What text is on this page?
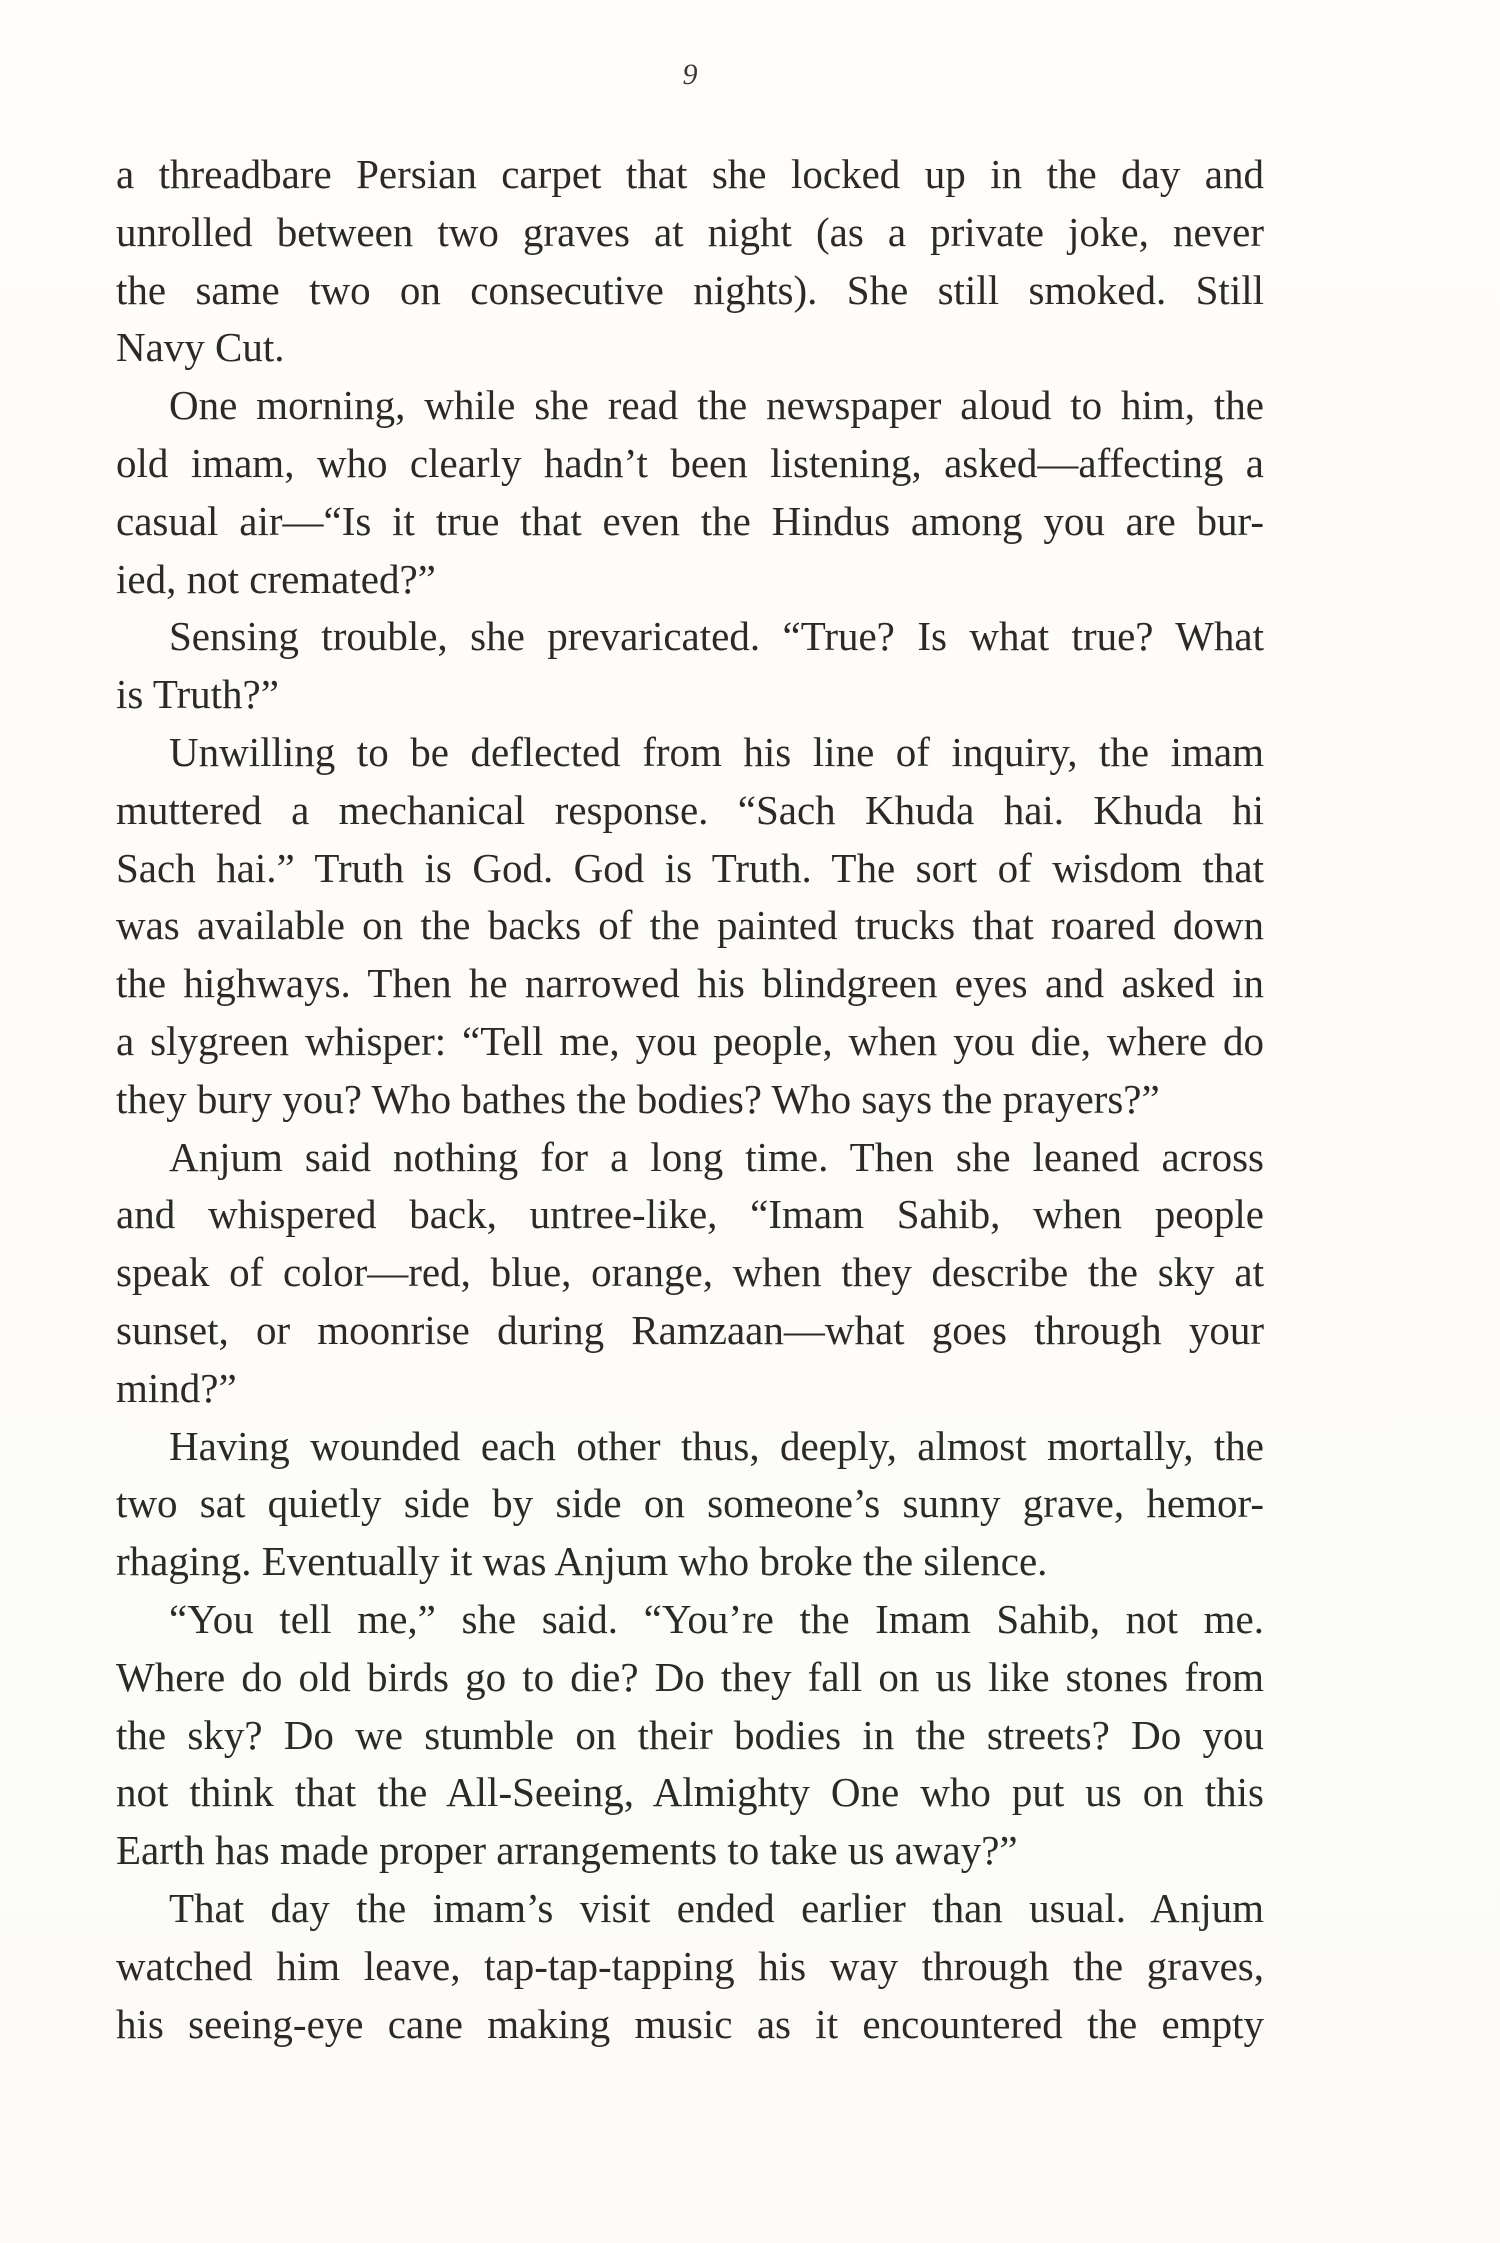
9
a threadbare Persian carpet that she locked up in the day and
unrolled between two graves at night (as a private joke, never
the same two on consecutive nights). She still smoked. Still
Navy Cut.
One morning, while she read the newspaper aloud to him, the
old imam, who clearly hadn’t been listening, asked—affecting a
casual air—“Is it true that even the Hindus among you are bur-
ied, not cremated?”
Sensing trouble, she prevaricated. “True? Is what true? What
is Truth?”
Unwilling to be deflected from his line of inquiry, the imam
muttered a mechanical response. “Sach Khuda hai. Khuda hi
Sach hai.” Truth is God. God is Truth. The sort of wisdom that
was available on the backs of the painted trucks that roared down
the highways. Then he narrowed his blindgreen eyes and asked in
a slygreen whisper: “Tell me, you people, when you die, where do
they bury you? Who bathes the bodies? Who says the prayers?”
Anjum said nothing for a long time. Then she leaned across
and whispered back, untree-like, “Imam Sahib, when people
speak of color—red, blue, orange, when they describe the sky at
sunset, or moonrise during Ramzaan—what goes through your
mind?”
Having wounded each other thus, deeply, almost mortally, the
two sat quietly side by side on someone’s sunny grave, hemor-
rhaging. Eventually it was Anjum who broke the silence.
“You tell me,” she said. “You’re the Imam Sahib, not me.
Where do old birds go to die? Do they fall on us like stones from
the sky? Do we stumble on their bodies in the streets? Do you
not think that the All-Seeing, Almighty One who put us on this
Earth has made proper arrangements to take us away?”
That day the imam’s visit ended earlier than usual. Anjum
watched him leave, tap-tap-tapping his way through the graves,
his seeing-eye cane making music as it encountered the empty
